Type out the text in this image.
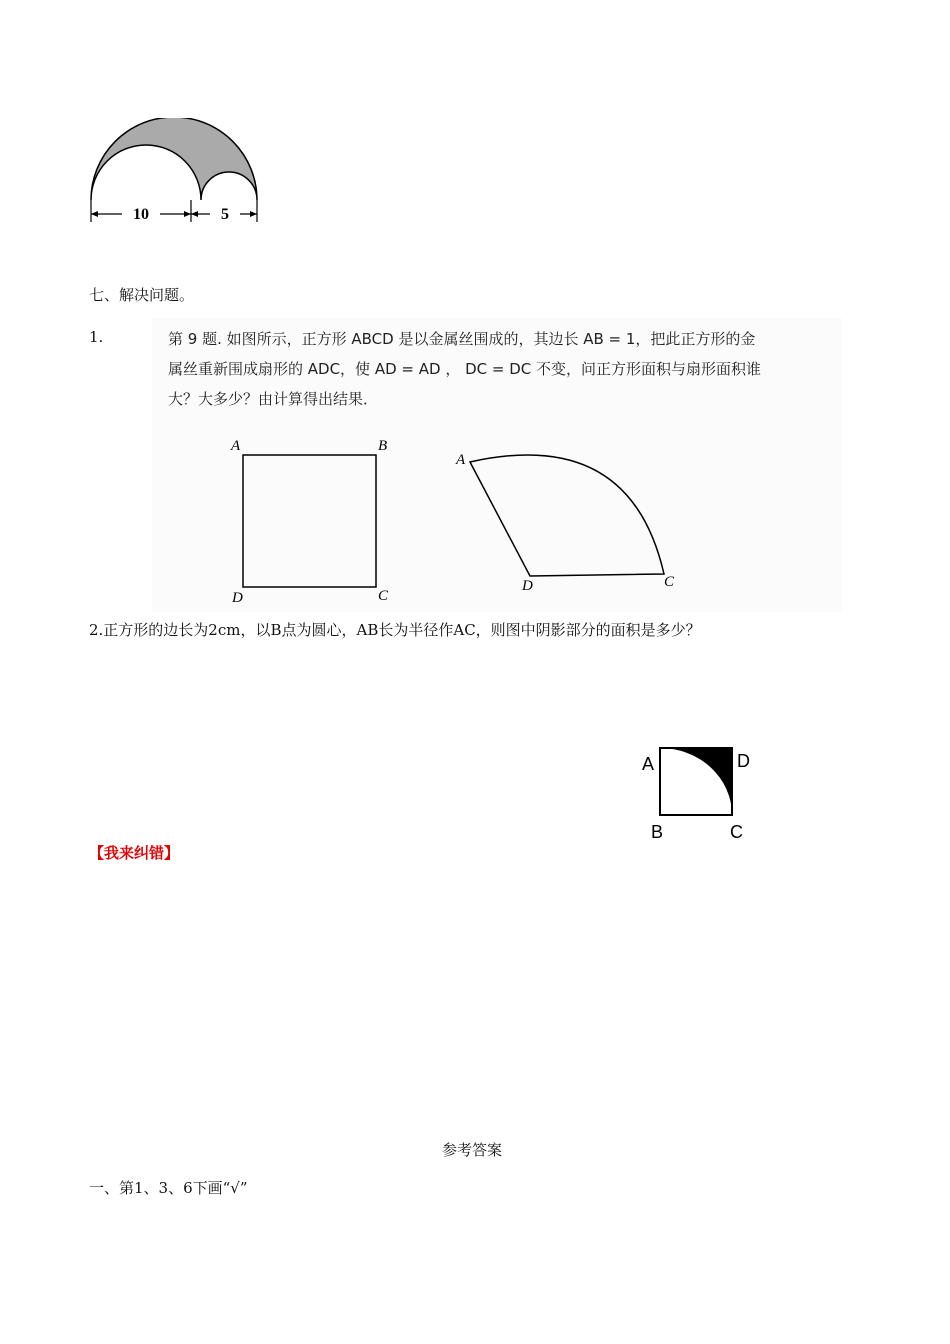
10	5
七、解决问题。
1.	第 9 题. 如图所示，正方形 ABCD 是以金属丝围成的，其边长 AB = 1，把此正方形的金
属丝重新围成扇形的 ADC，使 AD = AD ， DC = DC 不变，问正方形面积与扇形面积谁
大？大多少？由计算得出结果．
A	B
D	C
A
D	C
2.正方形的边长为2cm，以B点为圆心，AB长为半径作AC，则图中阴影部分的面积是多少？
A	D
B	C
【我来纠错】
参考答案
一、第1、3、6下画“√”
